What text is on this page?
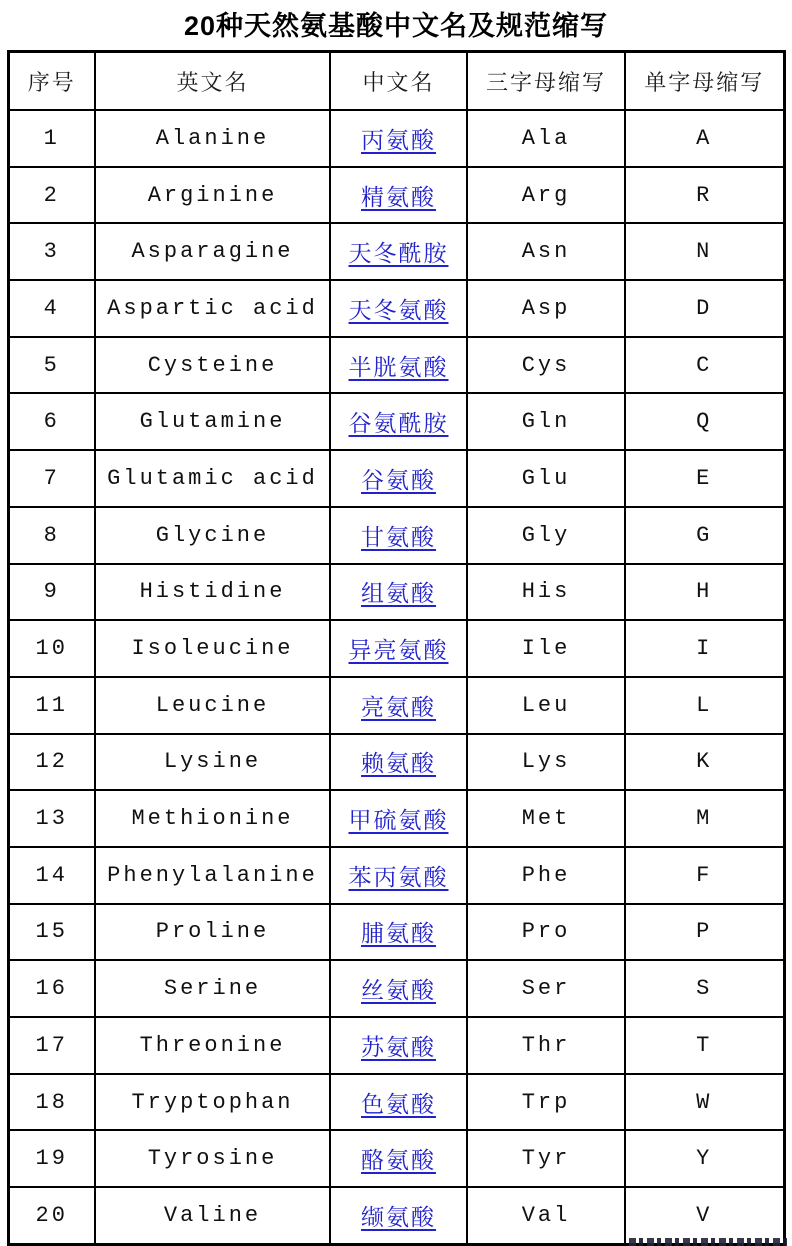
20种天然氨基酸中文名及规范缩写
序号	英文名	中文名	三字母缩写	单字母缩写
1	Alanine	丙氨酸	Ala	A
2	Arginine	精氨酸	Arg	R
3	Asparagine	天冬酰胺	Asn	N
4	Aspartic acid	天冬氨酸	Asp	D
5	Cysteine	半胱氨酸	Cys	C
6	Glutamine	谷氨酰胺	Gln	Q
7	Glutamic acid	谷氨酸	Glu	E
8	Glycine	甘氨酸	Gly	G
9	Histidine	组氨酸	His	H
10	Isoleucine	异亮氨酸	Ile	I
11	Leucine	亮氨酸	Leu	L
12	Lysine	赖氨酸	Lys	K
13	Methionine	甲硫氨酸	Met	M
14	Phenylalanine	苯丙氨酸	Phe	F
15	Proline	脯氨酸	Pro	P
16	Serine	丝氨酸	Ser	S
17	Threonine	苏氨酸	Thr	T
18	Tryptophan	色氨酸	Trp	W
19	Tyrosine	酪氨酸	Tyr	Y
20	Valine	缬氨酸	Val	V
